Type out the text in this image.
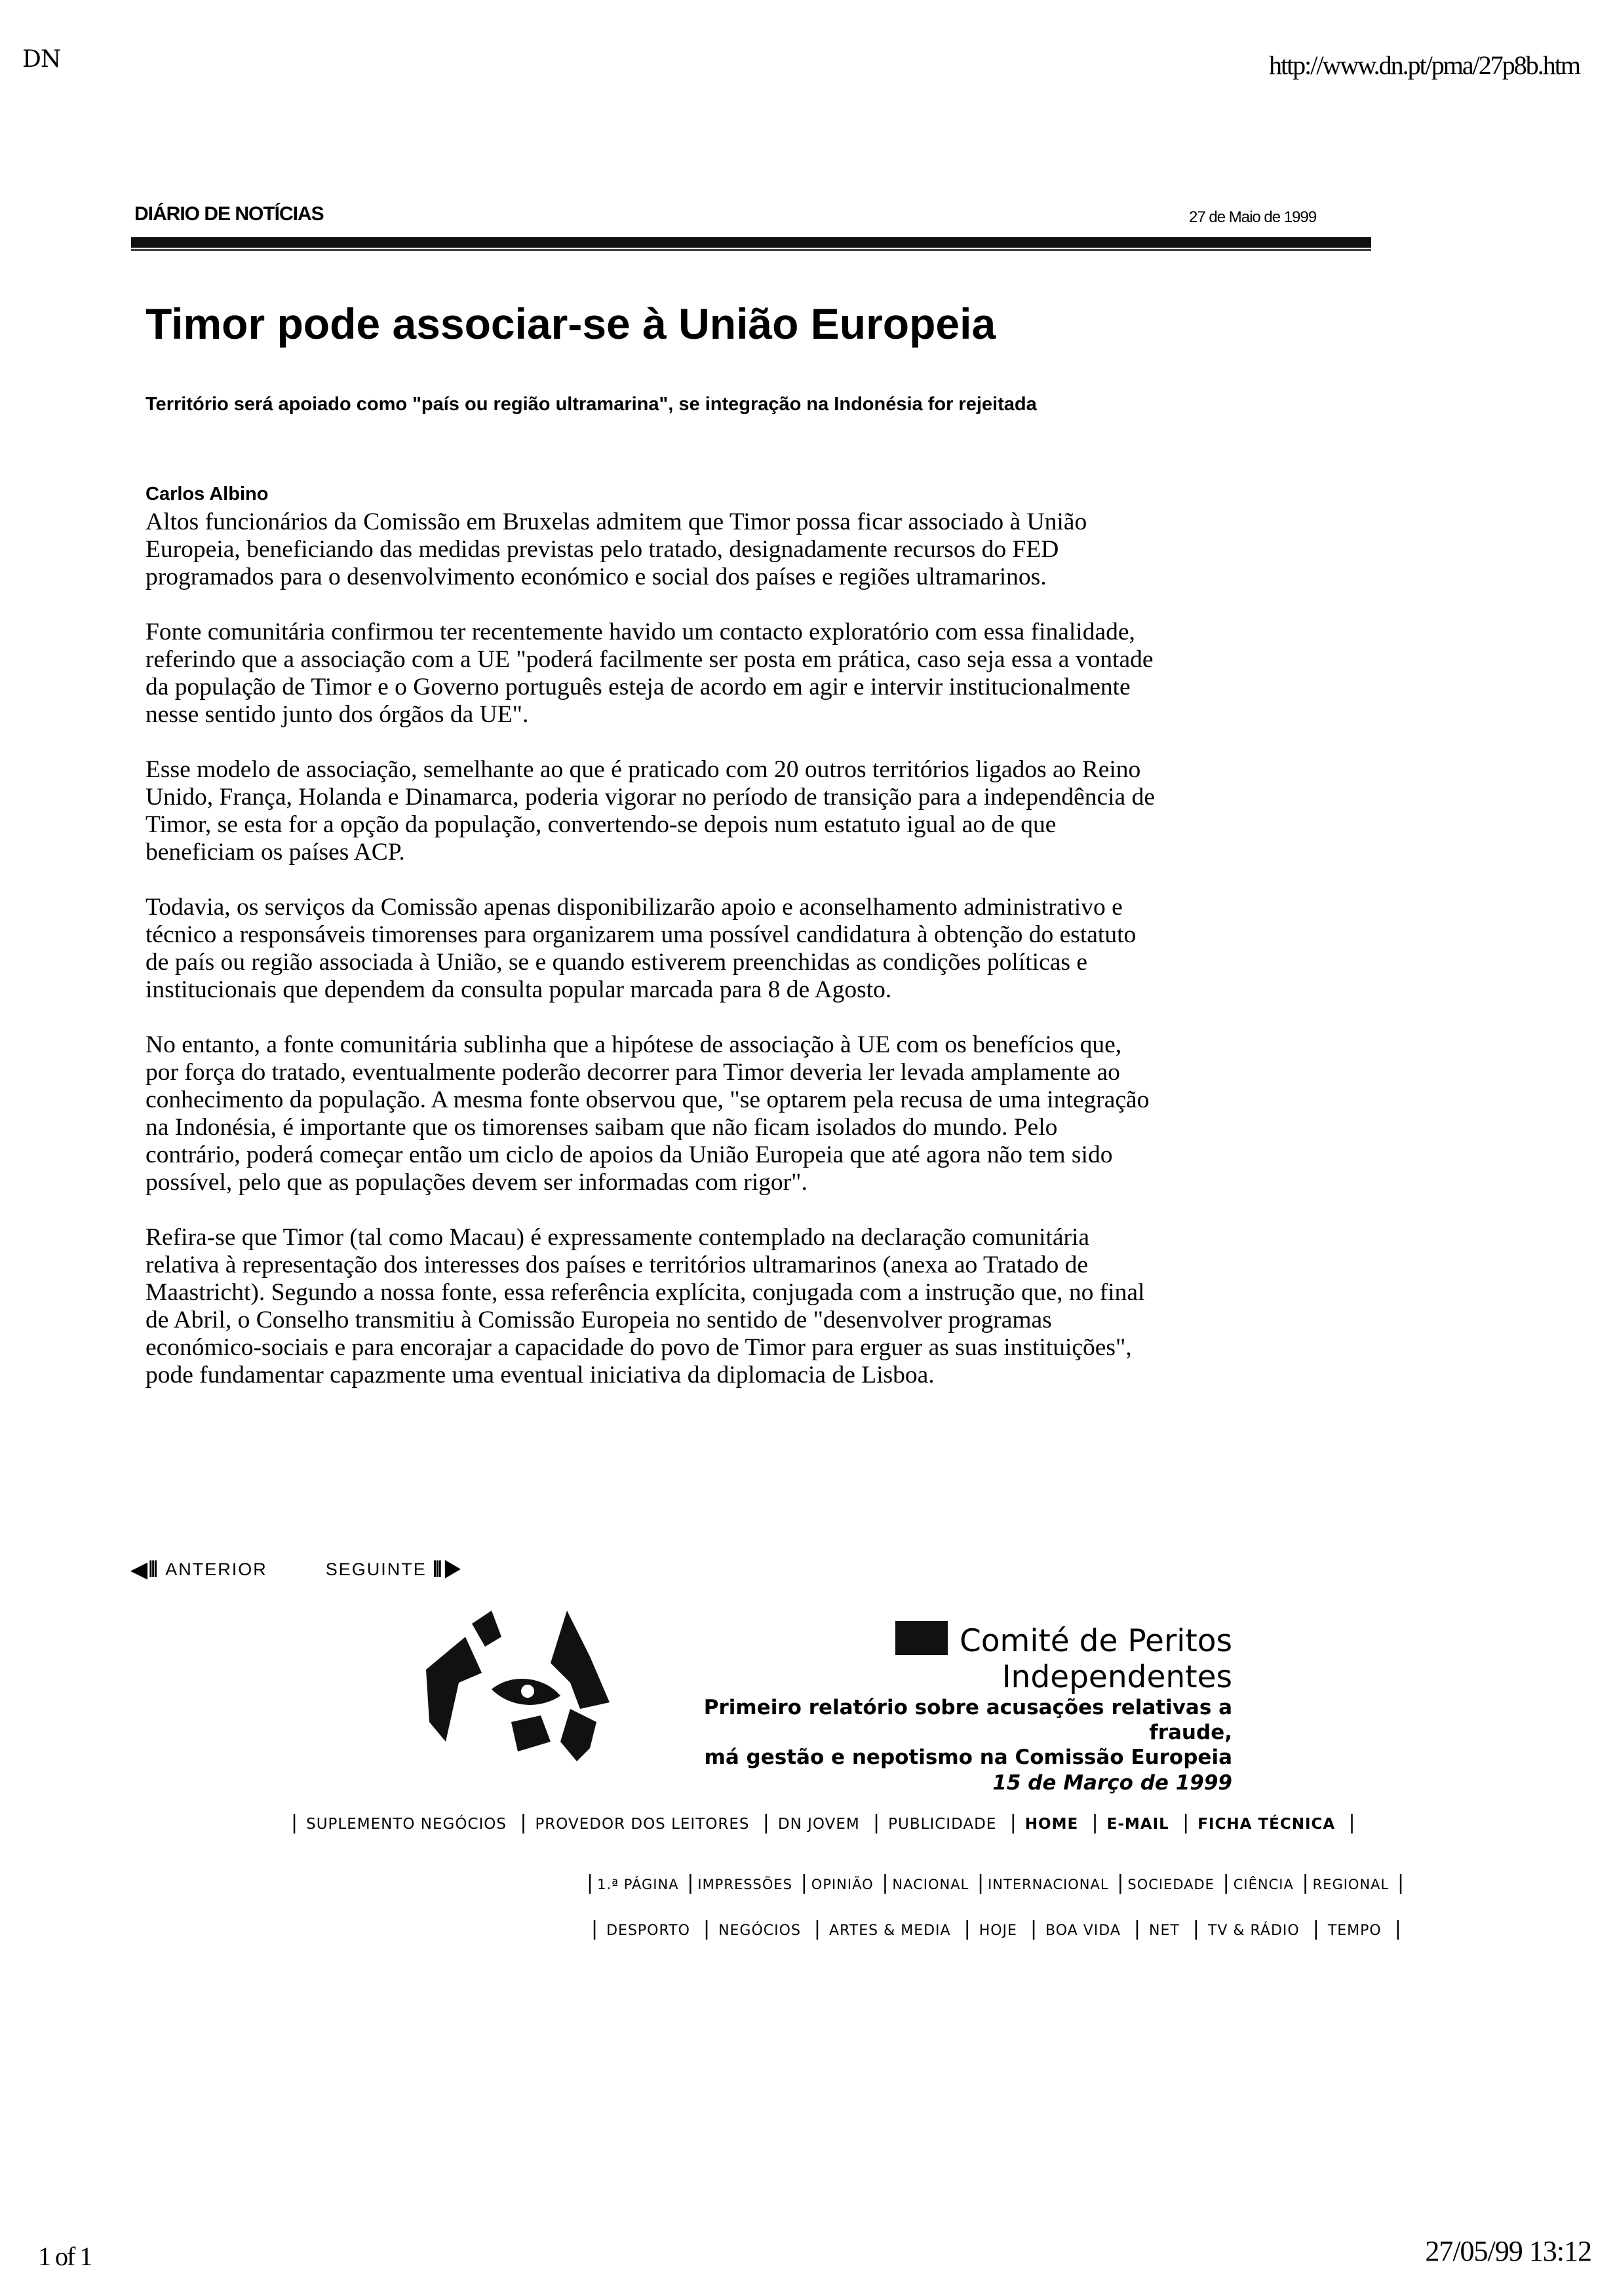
DN	http://www.dn.pt/pma/27p8b.htm
DIÁRIO DE NOTÍCIAS	27 de Maio de 1999
Timor pode associar-se à União Europeia
Território será apoiado como "país ou região ultramarina", se integração na Indonésia for rejeitada
Carlos Albino

Altos funcionários da Comissão em Bruxelas admitem que Timor possa ficar associado à União Europeia, beneficiando das medidas previstas pelo tratado, designadamente recursos do FED programados para o desenvolvimento económico e social dos países e regiões ultramarinos.

Fonte comunitária confirmou ter recentemente havido um contacto exploratório com essa finalidade, referindo que a associação com a UE "poderá facilmente ser posta em prática, caso seja essa a vontade da população de Timor e o Governo português esteja de acordo em agir e intervir institucionalmente nesse sentido junto dos órgãos da UE".

Esse modelo de associação, semelhante ao que é praticado com 20 outros territórios ligados ao Reino Unido, França, Holanda e Dinamarca, poderia vigorar no período de transição para a independência de Timor, se esta for a opção da população, convertendo-se depois num estatuto igual ao de que beneficiam os países ACP.

Todavia, os serviços da Comissão apenas disponibilizarão apoio e aconselhamento administrativo e técnico a responsáveis timorenses para organizarem uma possível candidatura à obtenção do estatuto de país ou região associada à União, se e quando estiverem preenchidas as condições políticas e institucionais que dependem da consulta popular marcada para 8 de Agosto.

No entanto, a fonte comunitária sublinha que a hipótese de associação à UE com os benefícios que, por força do tratado, eventualmente poderão decorrer para Timor deveria ler levada amplamente ao conhecimento da população. A mesma fonte observou que, "se optarem pela recusa de uma integração na Indonésia, é importante que os timorenses saibam que não ficam isolados do mundo. Pelo contrário, poderá começar então um ciclo de apoios da União Europeia que até agora não tem sido possível, pelo que as populações devem ser informadas com rigor".

Refira-se que Timor (tal como Macau) é expressamente contemplado na declaração comunitária relativa à representação dos interesses dos países e territórios ultramarinos (anexa ao Tratado de Maastricht). Segundo a nossa fonte, essa referência explícita, conjugada com a instrução que, no final de Abril, o Conselho transmitiu à Comissão Europeia no sentido de "desenvolver programas económico-sociais e para encorajar a capacidade do povo de Timor para erguer as suas instituições", pode fundamentar capazmente uma eventual iniciativa da diplomacia de Lisboa.

◀⦀ ANTERIOR	SEGUINTE ⦀▶
Comité de Peritos Independentes
Primeiro relatório sobre acusações relativas a fraude,
má gestão e nepotismo na Comissão Europeia
15 de Março de 1999
| SUPLEMENTO NEGÓCIOS | PROVEDOR DOS LEITORES | DN JOVEM | PUBLICIDADE | HOME | E-MAIL | FICHA TÉCNICA |
| 1.ª PÁGINA | IMPRESSÕES | OPINIÃO | NACIONAL | INTERNACIONAL | SOCIEDADE | CIÊNCIA | REGIONAL |
| DESPORTO | NEGÓCIOS | ARTES & MEDIA | HOJE | BOA VIDA | NET | TV & RÁDIO | TEMPO |
1 of 1	27/05/99 13:12
